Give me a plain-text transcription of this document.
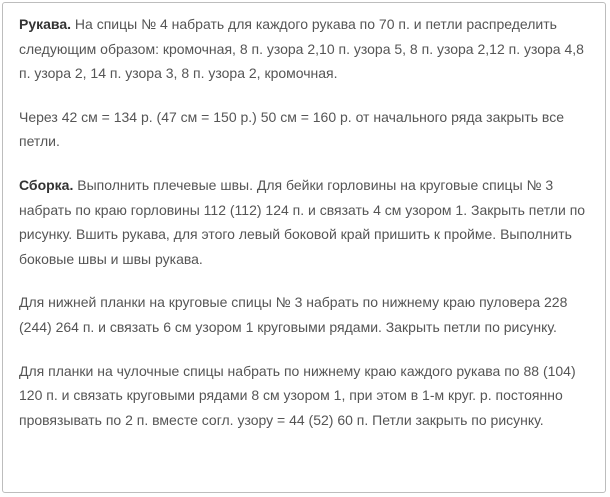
Рукава. На спицы № 4 набрать для каждого рукава по 70 п. и петли распределить следующим образом: кромочная, 8 п. узора 2,10 п. узора 5, 8 п. узора 2,12 п. узора 4,8 п. узора 2, 14 п. узора 3, 8 п. узора 2, кромочная.

Через 42 см = 134 р. (47 см = 150 р.) 50 см = 160 р. от начального ряда закрыть все петли.

Сборка. Выполнить плечевые швы. Для бейки горловины на круговые спицы № 3 набрать по краю горловины 112 (112) 124 п. и связать 4 см узором 1. Закрыть петли по рисунку. Вшить рукава, для этого левый боковой край пришить к пройме. Выполнить боковые швы и швы рукава.

Для нижней планки на круговые спицы № 3 набрать по нижнему краю пуловера 228 (244) 264 п. и связать 6 см узором 1 круговыми рядами. Закрыть петли по рисунку.

Для планки на чулочные спицы набрать по нижнему краю каждого рукава по 88 (104) 120 п. и связать круговыми рядами 8 см узором 1, при этом в 1-м круг. р. постоянно провязывать по 2 п. вместе согл. узору = 44 (52) 60 п. Петли закрыть по рисунку.
